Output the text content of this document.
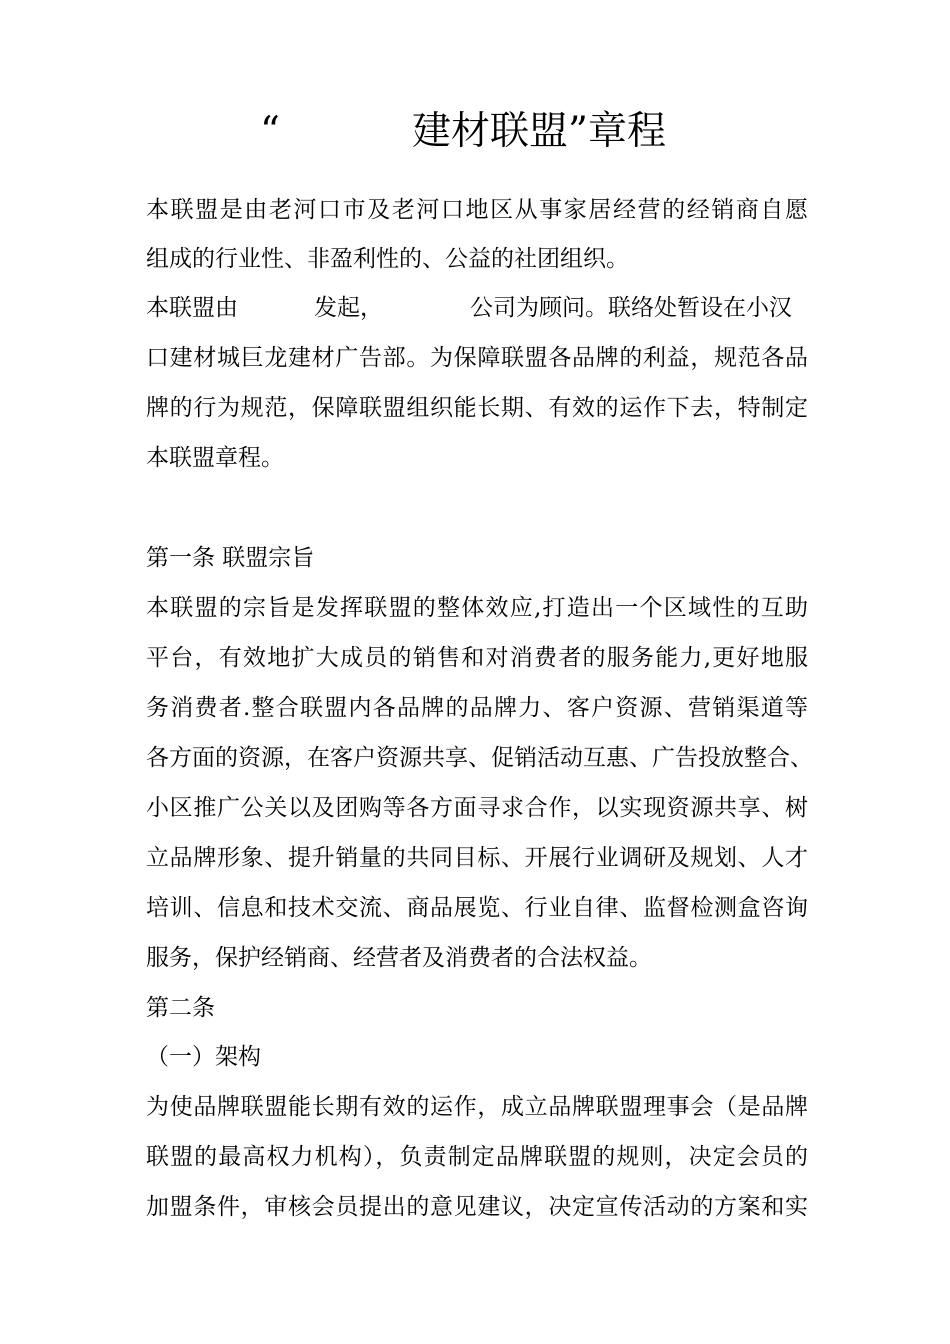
“	建材联盟”章程
本联盟是由老河口市及老河口地区从事家居经营的经销商自愿
组成的行业性、非盈利性的、公益的社团组织。
本联盟由	发起，	公司为顾问。联络处暂设在小汉
口建材城巨龙建材广告部。为保障联盟各品牌的利益，规范各品
牌的行为规范，保障联盟组织能长期、有效的运作下去，特制定
本联盟章程。
第一条 联盟宗旨
本联盟的宗旨是发挥联盟的整体效应,打造出一个区域性的互助
平台，有效地扩大成员的销售和对消费者的服务能力,更好地服
务消费者.整合联盟内各品牌的品牌力、客户资源、营销渠道等
各方面的资源，在客户资源共享、促销活动互惠、广告投放整合、
小区推广公关以及团购等各方面寻求合作，以实现资源共享、树
立品牌形象、提升销量的共同目标、开展行业调研及规划、人才
培训、信息和技术交流、商品展览、行业自律、监督检测盒咨询
服务，保护经销商、经营者及消费者的合法权益。
第二条
（一）架构
为使品牌联盟能长期有效的运作，成立品牌联盟理事会（是品牌
联盟的最高权力机构），负责制定品牌联盟的规则，决定会员的
加盟条件，审核会员提出的意见建议，决定宣传活动的方案和实
